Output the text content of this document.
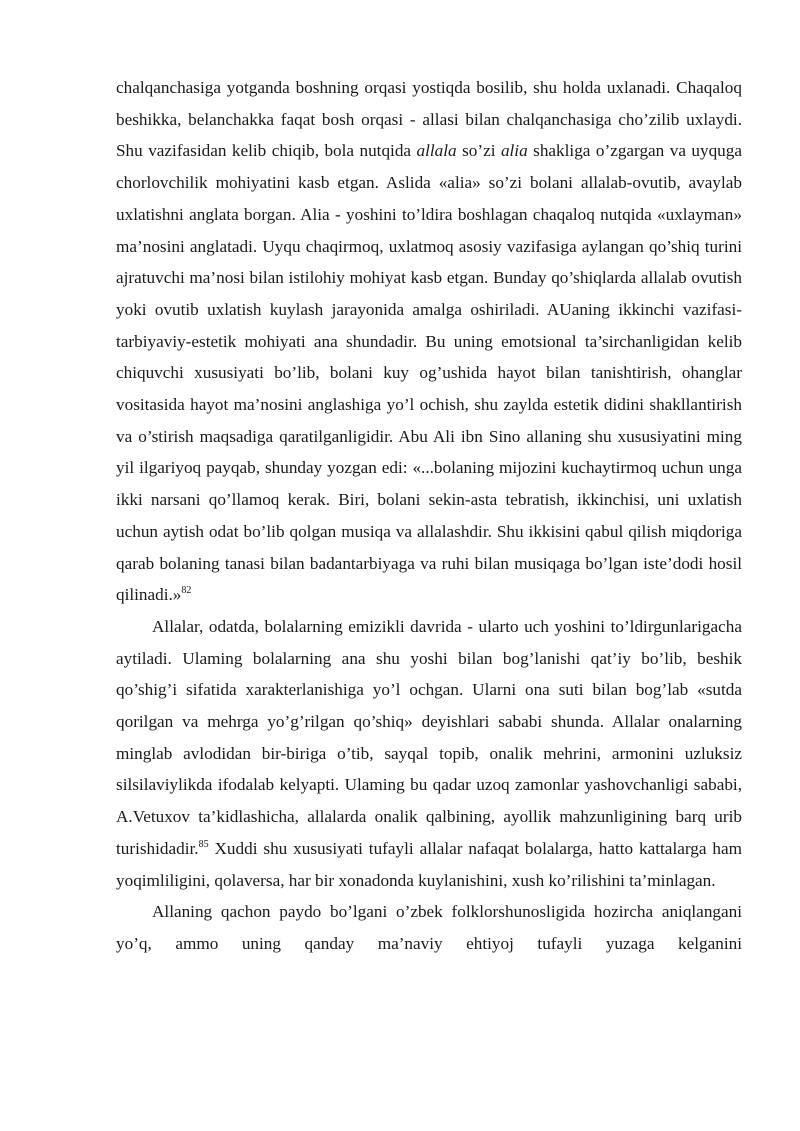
chalqanchasiga yotganda boshning orqasi yostiqda bosilib, shu holda uxlanadi. Chaqaloq beshikka, belanchakka faqat bosh orqasi - allasi bilan chalqanchasiga cho’zilib uxlaydi. Shu vazifasidan kelib chiqib, bola nutqida allala so’zi alia shakliga o’zgargan va uyquga chorlovchilik mohiyatini kasb etgan. Aslida «alia» so’zi bolani allalab-ovutib, avaylab uxlatishni anglata borgan. Alia - yoshini to’ldira boshlagan chaqaloq nutqida «uxlayman» ma’nosini anglatadi. Uyqu chaqirmoq, uxlatmoq asosiy vazifasiga aylangan qo’shiq turini ajratuvchi ma’nosi bilan istilohiy mohiyat kasb etgan. Bunday qo’shiqlarda allalab ovutish yoki ovutib uxlatish kuylash jarayonida amalga oshiriladi. AUaning ikkinchi vazifasi-tarbiyaviy-estetik mohiyati ana shundadir. Bu uning emotsional ta’sirchanligidan kelib chiquvchi xususiyati bo’lib, bolani kuy og’ushida hayot bilan tanishtirish, ohanglar vositasida hayot ma’nosini anglashiga yo’l ochish, shu zaylda estetik didini shakllantirish va o’stirish maqsadiga qaratilganligidir. Abu Ali ibn Sino allaning shu xususiyatini ming yil ilgariyoq payqab, shunday yozgan edi: «...bolaning mijozini kuchaytirmoq uchun unga ikki narsani qo’llamoq kerak. Biri, bolani sekin-asta tebratish, ikkinchisi, uni uxlatish uchun aytish odat bo’lib qolgan musiqa va allalashdir. Shu ikkisini qabul qilish miqdoriga qarab bolaning tanasi bilan badantarbiyaga va ruhi bilan musiqaga bo’lgan iste’dodi hosil qilinadi.»$^{82}$

Allalar, odatda, bolalarning emizikli davrida - ularto uch yoshini to’ldirgunlarigacha aytiladi. Ulaming bolalarning ana shu yoshi bilan bog’lanishi qat’iy bo’lib, beshik qo’shig’i sifatida xarakterlanishiga yo’l ochgan. Ularni ona suti bilan bog’lab «sutda qorilgan va mehrga yo’g’rilgan qo’shiq» deyishlari sababi shunda. Allalar onalarning minglab avlodidan bir-biriga o’tib, sayqal topib, onalik mehrini, armonini uzluksiz silsilaviylikda ifodalab kelyapti. Ulaming bu qadar uzoq zamonlar yashovchanligi sababi, A.Vetuxov ta’kidlashicha, allalarda onalik qalbining, ayollik mahzunligining barq urib turishidadir.$^{85}$ Xuddi shu xususiyati tufayli allalar nafaqat bolalarga, hatto kattalarga ham yoqimliligini, qolaversa, har bir xonadonda kuylanishini, xush ko’rilishini ta’minlagan.

Allaning qachon paydo bo’lgani o’zbek folklorshunosligida hozircha aniqlangani yo’q, ammo uning qanday ma’naviy ehtiyoj tufayli yuzaga kelganini
